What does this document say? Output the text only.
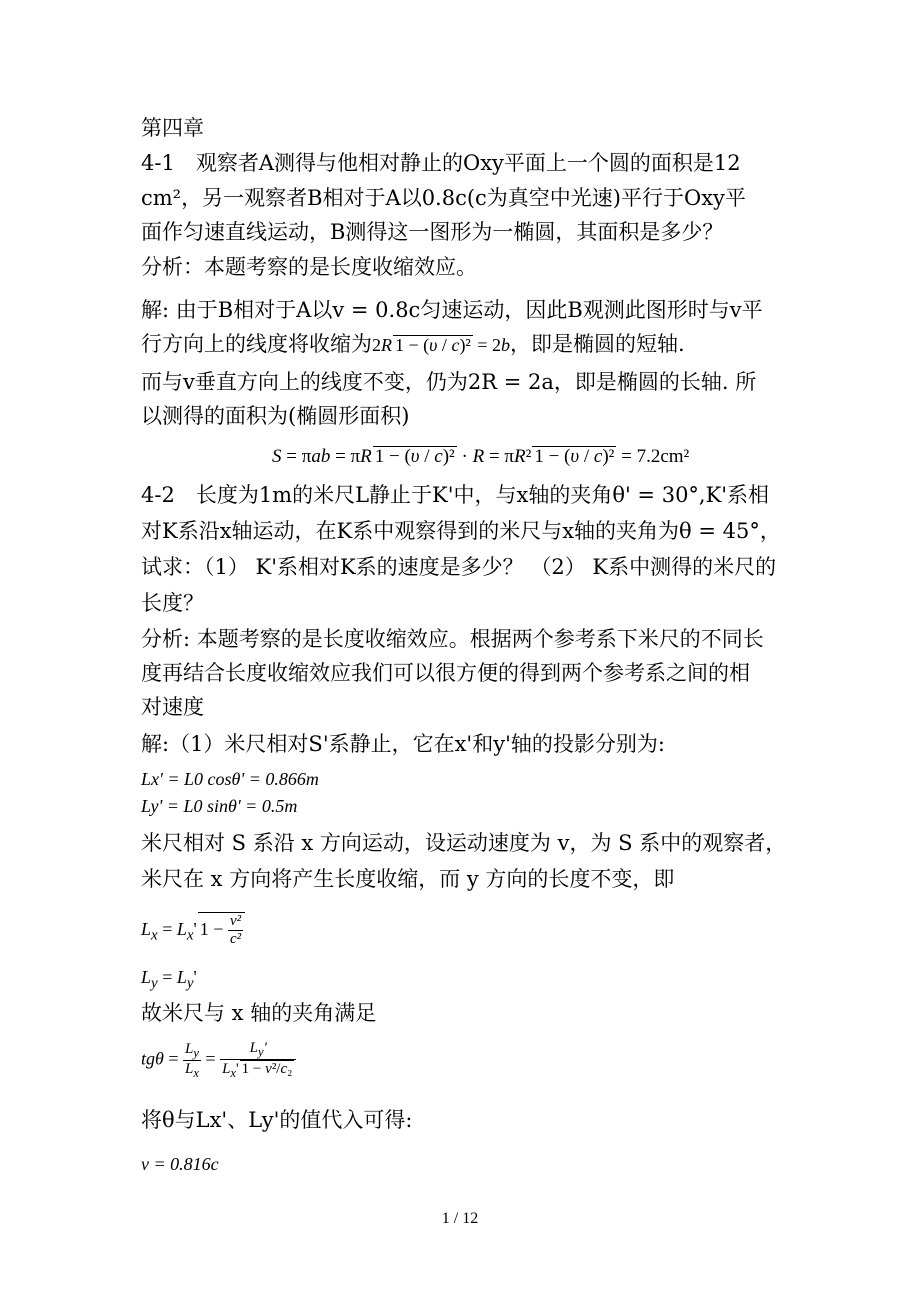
第四章
4-1　观察者A测得与他相对静止的Oxy平面上一个圆的面积是12
cm²，另一观察者B相对于A以0.8c(c为真空中光速)平行于Oxy平
面作匀速直线运动，B测得这一图形为一椭圆，其面积是多少？
分析：本题考察的是长度收缩效应。
解: 由于B相对于A以v = 0.8c匀速运动，因此B观测此图形时与v平
行方向上的线度将收缩为2R 1 − (υ / c)² = 2b，即是椭圆的短轴.
而与v垂直方向上的线度不变，仍为2R = 2a，即是椭圆的长轴. 所
以测得的面积为(椭圆形面积)
S = πab = πR 1 − (υ / c)² · R = πR² 1 − (υ / c)² = 7.2cm²
4-2　长度为1m的米尺L静止于K'中，与x轴的夹角θ' = 30°,K'系相
对K系沿x轴运动，在K系中观察得到的米尺与x轴的夹角为θ = 45°，
试求：（1） K'系相对K系的速度是多少？ （2） K系中测得的米尺的
长度？
分析: 本题考察的是长度收缩效应。根据两个参考系下米尺的不同长
度再结合长度收缩效应我们可以很方便的得到两个参考系之间的相
对速度
解:（1）米尺相对S'系静止，它在x'和y'轴的投影分别为:
Lx' = L0 cosθ' = 0.866m
Ly' = L0 sinθ' = 0.5m
米尺相对 S 系沿 x 方向运动，设运动速度为 v，为 S 系中的观察者，
米尺在 x 方向将产生长度收缩，而 y 方向的长度不变，即
$L_x = L_x'$ $1 - \frac{\text{v²}}{\text{c²}}$
$L_y = L_y'$
故米尺与 x 轴的夹角满足
$tg\theta = \frac{L_y}{L_x} = \frac{L_y'}{L_x' 1 - v^2/c_2}$
将θ与Lx'、Ly'的值代入可得:
v = 0.816c
1 / 12
